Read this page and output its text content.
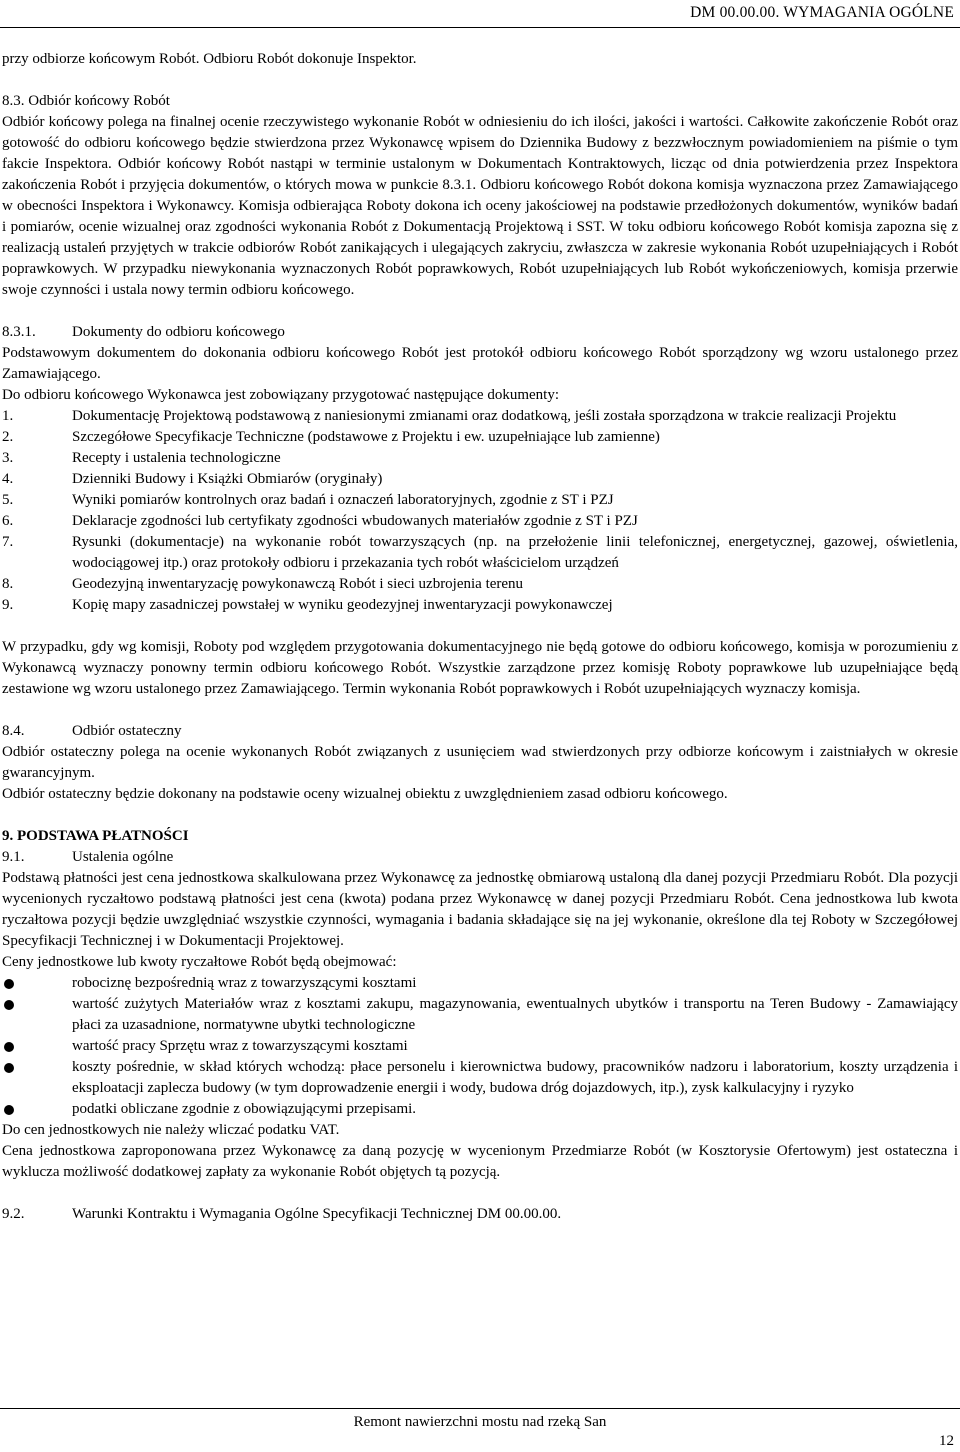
DM 00.00.00. WYMAGANIA OGÓLNE

przy odbiorze końcowym Robót. Odbioru Robót dokonuje Inspektor.

8.3. Odbiór końcowy Robót

Odbiór końcowy polega na finalnej ocenie rzeczywistego wykonanie Robót w odniesieniu do ich ilości, jakości i wartości. Całkowite zakończenie Robót oraz gotowość do odbioru końcowego będzie stwierdzona przez Wykonawcę wpisem do Dziennika Budowy z bezzwłocznym powiadomieniem na piśmie o tym fakcie Inspektora. Odbiór końcowy Robót nastąpi w terminie ustalonym w Dokumentach Kontraktowych, licząc od dnia potwierdzenia przez Inspektora zakończenia Robót i przyjęcia dokumentów, o których mowa w punkcie 8.3.1. Odbioru końcowego Robót dokona komisja wyznaczona przez Zamawiającego w obecności Inspektora i Wykonawcy. Komisja odbierająca Roboty dokona ich oceny jakościowej na podstawie przedłożonych dokumentów, wyników badań i pomiarów, ocenie wizualnej oraz zgodności wykonania Robót z Dokumentacją Projektową i SST. W toku odbioru końcowego Robót komisja zapozna się z realizacją ustaleń przyjętych w trakcie odbiorów Robót zanikających i ulegających zakryciu, zwłaszcza w zakresie wykonania Robót uzupełniających i Robót poprawkowych. W przypadku niewykonania wyznaczonych Robót poprawkowych, Robót uzupełniających lub Robót wykończeniowych, komisja przerwie swoje czynności i ustala nowy termin odbioru końcowego.

8.3.1. Dokumenty do odbioru końcowego

Podstawowym dokumentem do dokonania odbioru końcowego Robót jest protokół odbioru końcowego Robót sporządzony wg wzoru ustalonego przez Zamawiającego.

Do odbioru końcowego Wykonawca jest zobowiązany przygotować następujące dokumenty:

1.	Dokumentację Projektową podstawową z naniesionymi zmianami oraz dodatkową, jeśli została sporządzona w trakcie realizacji Projektu
2.	Szczegółowe Specyfikacje Techniczne (podstawowe z Projektu i ew. uzupełniające lub zamienne)
3.	Recepty i ustalenia technologiczne
4.	Dzienniki Budowy i Książki Obmiarów (oryginały)
5.	Wyniki pomiarów kontrolnych oraz badań i oznaczeń laboratoryjnych, zgodnie z ST i PZJ
6.	Deklaracje zgodności lub certyfikaty zgodności wbudowanych materiałów zgodnie z ST i PZJ
7.	Rysunki (dokumentacje) na wykonanie robót towarzyszących (np. na przełożenie linii telefonicznej, energetycznej, gazowej, oświetlenia, wodociągowej itp.) oraz protokoły odbioru i przekazania tych robót właścicielom urządzeń
8.	Geodezyjną inwentaryzację powykonawczą Robót i sieci uzbrojenia terenu
9.	Kopię mapy zasadniczej powstałej w wyniku geodezyjnej inwentaryzacji powykonawczej

W przypadku, gdy wg komisji, Roboty pod względem przygotowania dokumentacyjnego nie będą gotowe do odbioru końcowego, komisja w porozumieniu z Wykonawcą wyznaczy ponowny termin odbioru końcowego Robót. Wszystkie zarządzone przez komisję Roboty poprawkowe lub uzupełniające będą zestawione wg wzoru ustalonego przez Zamawiającego. Termin wykonania Robót poprawkowych i Robót uzupełniających wyznaczy komisja.

8.4.	Odbiór ostateczny

Odbiór ostateczny polega na ocenie wykonanych Robót związanych z usunięciem wad stwierdzonych przy odbiorze końcowym i zaistniałych w okresie gwarancyjnym.

Odbiór ostateczny będzie dokonany na podstawie oceny wizualnej obiektu z uwzględnieniem zasad odbioru końcowego.

9. PODSTAWA PŁATNOŚCI
9.1.	Ustalenia ogólne

Podstawą płatności jest cena jednostkowa skalkulowana przez Wykonawcę za jednostkę obmiarową ustaloną dla danej pozycji Przedmiaru Robót. Dla pozycji wycenionych ryczałtowo podstawą płatności jest cena (kwota) podana przez Wykonawcę w danej pozycji Przedmiaru Robót. Cena jednostkowa lub kwota ryczałtowa pozycji będzie uwzględniać wszystkie czynności, wymagania i badania składające się na jej wykonanie, określone dla tej Roboty w Szczegółowej Specyfikacji Technicznej i w Dokumentacji Projektowej.

Ceny jednostkowe lub kwoty ryczałtowe Robót będą obejmować:

robociznę bezpośrednią wraz z towarzyszącymi kosztami
wartość zużytych Materiałów wraz z kosztami zakupu, magazynowania, ewentualnych ubytków i transportu na Teren Budowy - Zamawiający płaci za uzasadnione, normatywne ubytki technologiczne
wartość pracy Sprzętu wraz z towarzyszącymi kosztami
koszty pośrednie, w skład których wchodzą: płace personelu i kierownictwa budowy, pracowników nadzoru i laboratorium, koszty urządzenia i eksploatacji zaplecza budowy (w tym doprowadzenie energii i wody, budowa dróg dojazdowych, itp.), zysk kalkulacyjny i ryzyko
podatki obliczane zgodnie z obowiązującymi przepisami.

Do cen jednostkowych nie należy wliczać podatku VAT.

Cena jednostkowa zaproponowana przez Wykonawcę za daną pozycję w wycenionym Przedmiarze Robót (w Kosztorysie Ofertowym) jest ostateczna i wyklucza możliwość dodatkowej zapłaty za wykonanie Robót objętych tą pozycją.

9.2.	Warunki Kontraktu i Wymagania Ogólne Specyfikacji Technicznej DM 00.00.00.
Remont nawierzchni mostu nad rzeką San
12
